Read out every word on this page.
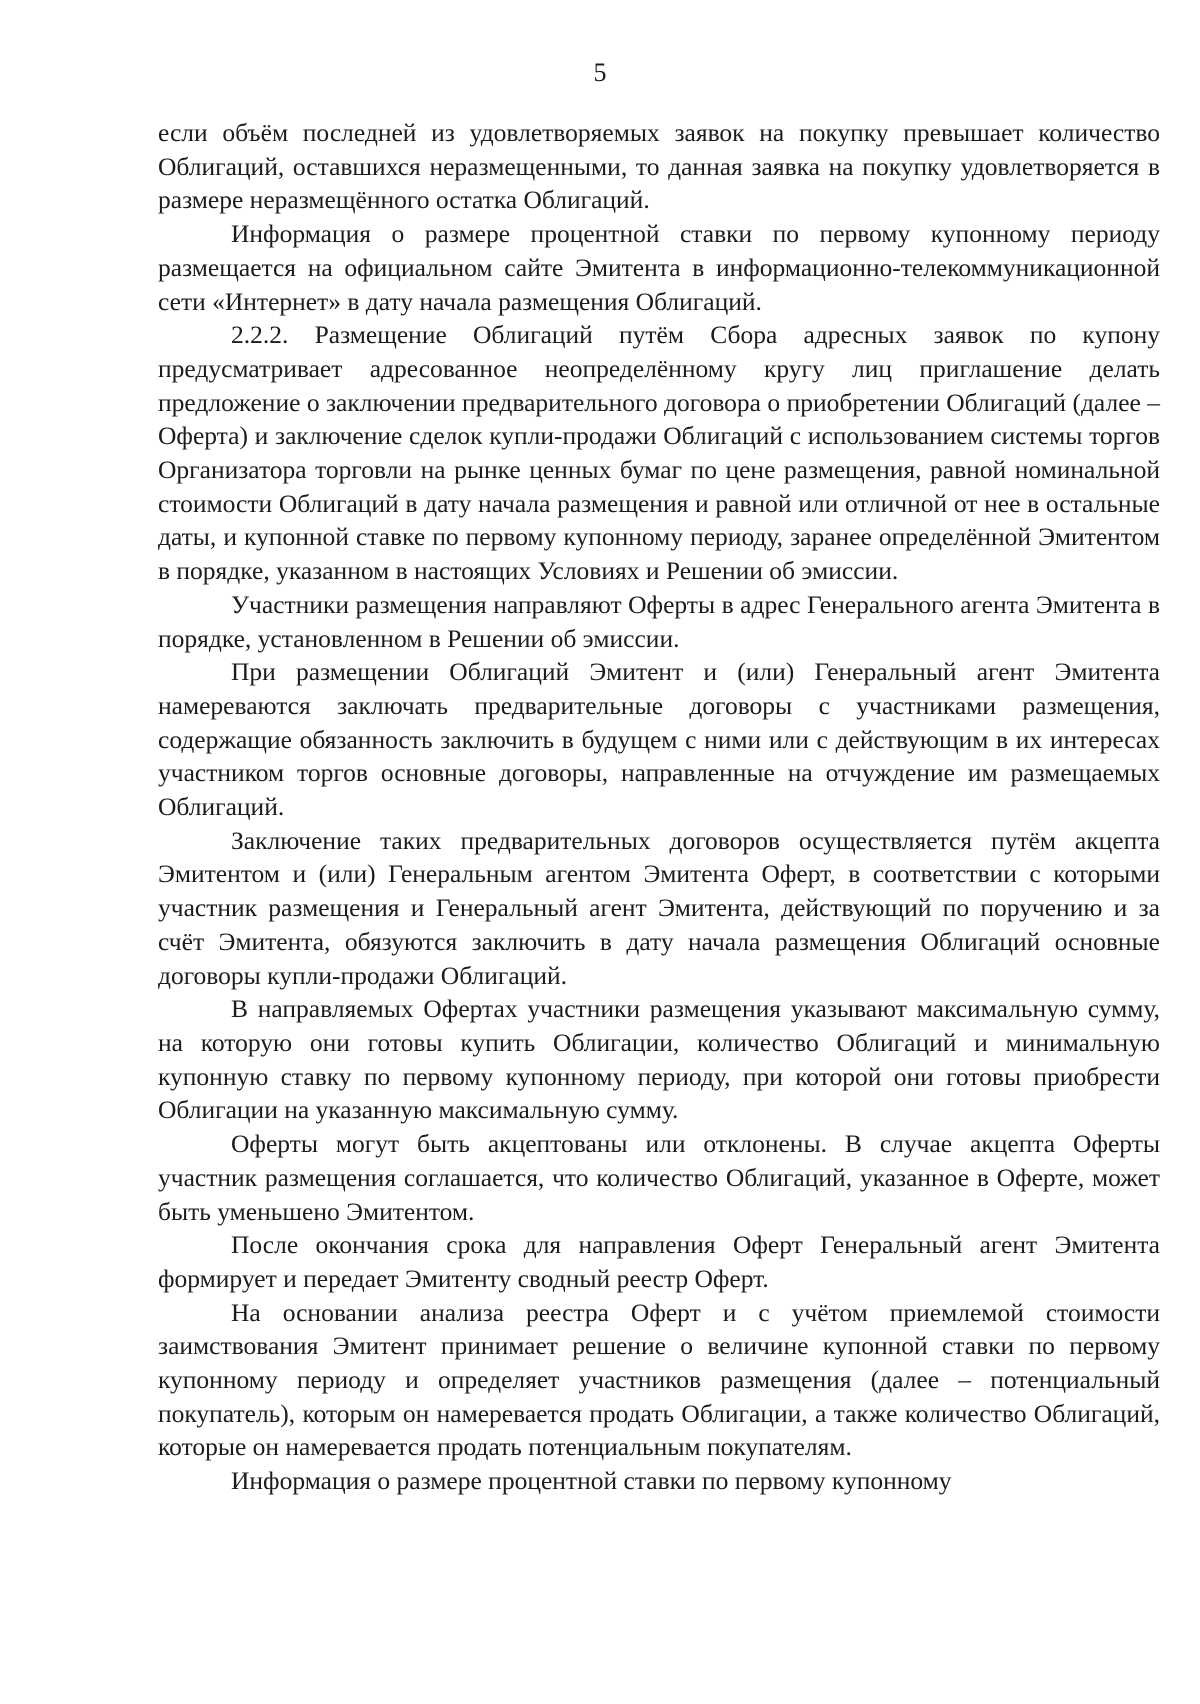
5

если объём последней из удовлетворяемых заявок на покупку превышает количество Облигаций, оставшихся неразмещенными, то данная заявка на покупку удовлетворяется в размере неразмещённого остатка Облигаций.

Информация о размере процентной ставки по первому купонному периоду размещается на официальном сайте Эмитента в информационно-телекоммуникационной сети «Интернет» в дату начала размещения Облигаций.

2.2.2. Размещение Облигаций путём Сбора адресных заявок по купону предусматривает адресованное неопределённому кругу лиц приглашение делать предложение о заключении предварительного договора о приобретении Облигаций (далее – Оферта) и заключение сделок купли-продажи Облигаций с использованием системы торгов Организатора торговли на рынке ценных бумаг по цене размещения, равной номинальной стоимости Облигаций в дату начала размещения и равной или отличной от нее в остальные даты, и купонной ставке по первому купонному периоду, заранее определённой Эмитентом в порядке, указанном в настоящих Условиях и Решении об эмиссии.

Участники размещения направляют Оферты в адрес Генерального агента Эмитента в порядке, установленном в Решении об эмиссии.

При размещении Облигаций Эмитент и (или) Генеральный агент Эмитента намереваются заключать предварительные договоры с участниками размещения, содержащие обязанность заключить в будущем с ними или с действующим в их интересах участником торгов основные договоры, направленные на отчуждение им размещаемых Облигаций.

Заключение таких предварительных договоров осуществляется путём акцепта Эмитентом и (или) Генеральным агентом Эмитента Оферт, в соответствии с которыми участник размещения и Генеральный агент Эмитента, действующий по поручению и за счёт Эмитента, обязуются заключить в дату начала размещения Облигаций основные договоры купли-продажи Облигаций.

В направляемых Офертах участники размещения указывают максимальную сумму, на которую они готовы купить Облигации, количество Облигаций и минимальную купонную ставку по первому купонному периоду, при которой они готовы приобрести Облигации на указанную максимальную сумму.

Оферты могут быть акцептованы или отклонены. В случае акцепта Оферты участник размещения соглашается, что количество Облигаций, указанное в Оферте, может быть уменьшено Эмитентом.

После окончания срока для направления Оферт Генеральный агент Эмитента формирует и передает Эмитенту сводный реестр Оферт.

На основании анализа реестра Оферт и с учётом приемлемой стоимости заимствования Эмитент принимает решение о величине купонной ставки по первому купонному периоду и определяет участников размещения (далее – потенциальный покупатель), которым он намеревается продать Облигации, а также количество Облигаций, которые он намеревается продать потенциальным покупателям.

Информация о размере процентной ставки по первому купонному
